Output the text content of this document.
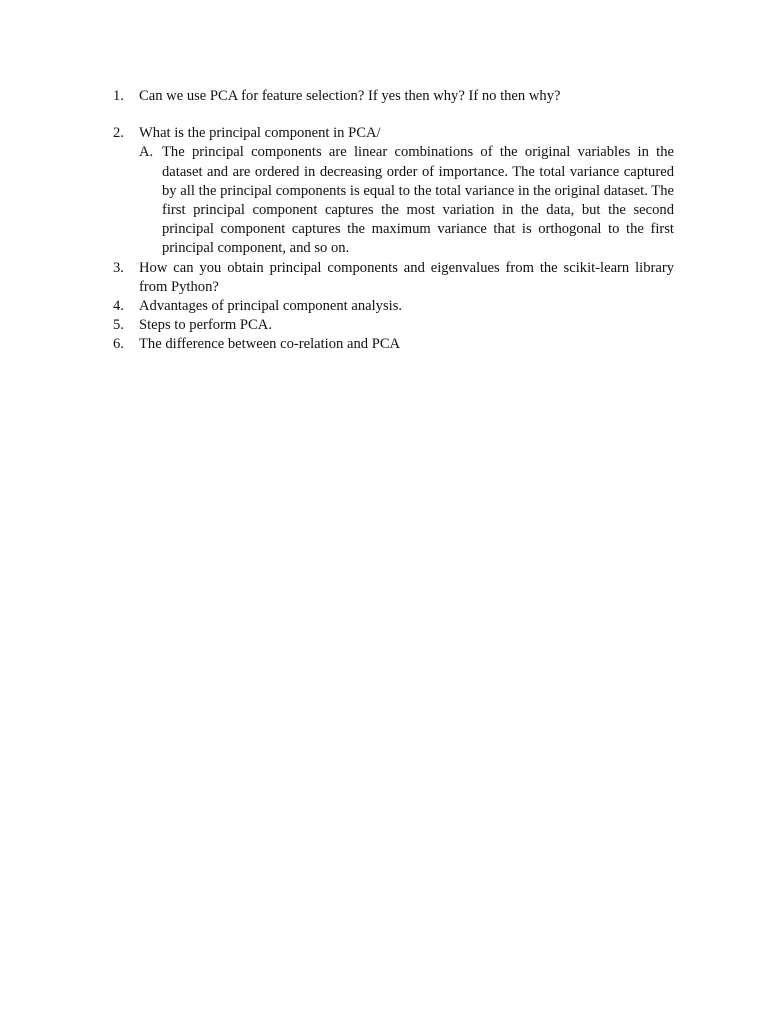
1. Can we use PCA for feature selection? If yes then why? If no then why?
2. What is the principal component in PCA/
A. The principal components are linear combinations of the original variables in the dataset and are ordered in decreasing order of importance. The total variance captured by all the principal components is equal to the total variance in the original dataset. The first principal component captures the most variation in the data, but the second principal component captures the maximum variance that is orthogonal to the first principal component, and so on.
3. How can you obtain principal components and eigenvalues from the scikit-learn library from Python?
4. Advantages of principal component analysis.
5. Steps to perform PCA.
6. The difference between co-relation and PCA
